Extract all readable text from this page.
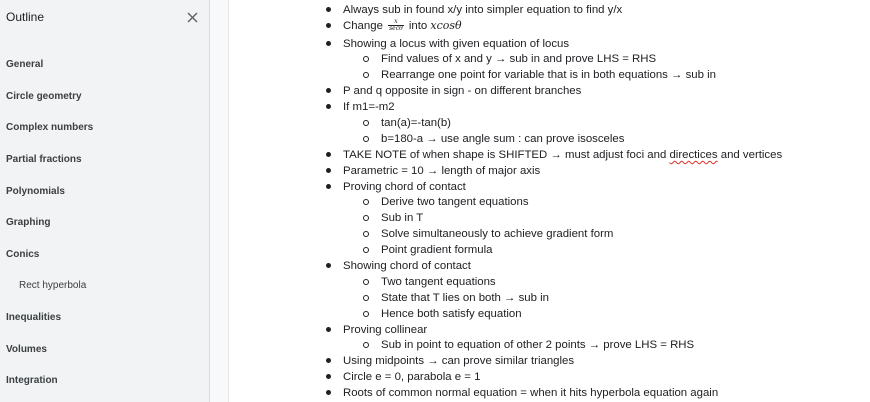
Outline
General
Circle geometry
Complex numbers
Partial fractions
Polynomials
Graphing
Conics
Rect hyperbola
Inequalities
Volumes
Integration
Always sub in found x/y into simpler equation to find y/x
Change $\frac{x}{\sec\theta}$ into xcosθ
Showing a locus with given equation of locus
Find values of x and y → sub in and prove LHS = RHS
Rearrange one point for variable that is in both equations → sub in
P and q opposite in sign - on different branches
If m1=-m2
tan(a)=-tan(b)
b=180-a → use angle sum : can prove isosceles
TAKE NOTE of when shape is SHIFTED → must adjust foci and directices and vertices
Parametric = 10 → length of major axis
Proving chord of contact
Derive two tangent equations
Sub in T
Solve simultaneously to achieve gradient form
Point gradient formula
Showing chord of contact
Two tangent equations
State that T lies on both → sub in
Hence both satisfy equation
Proving collinear
Sub in point to equation of other 2 points → prove LHS = RHS
Using midpoints → can prove similar triangles
Circle e = 0, parabola e = 1
Roots of common normal equation = when it hits hyperbola equation again
